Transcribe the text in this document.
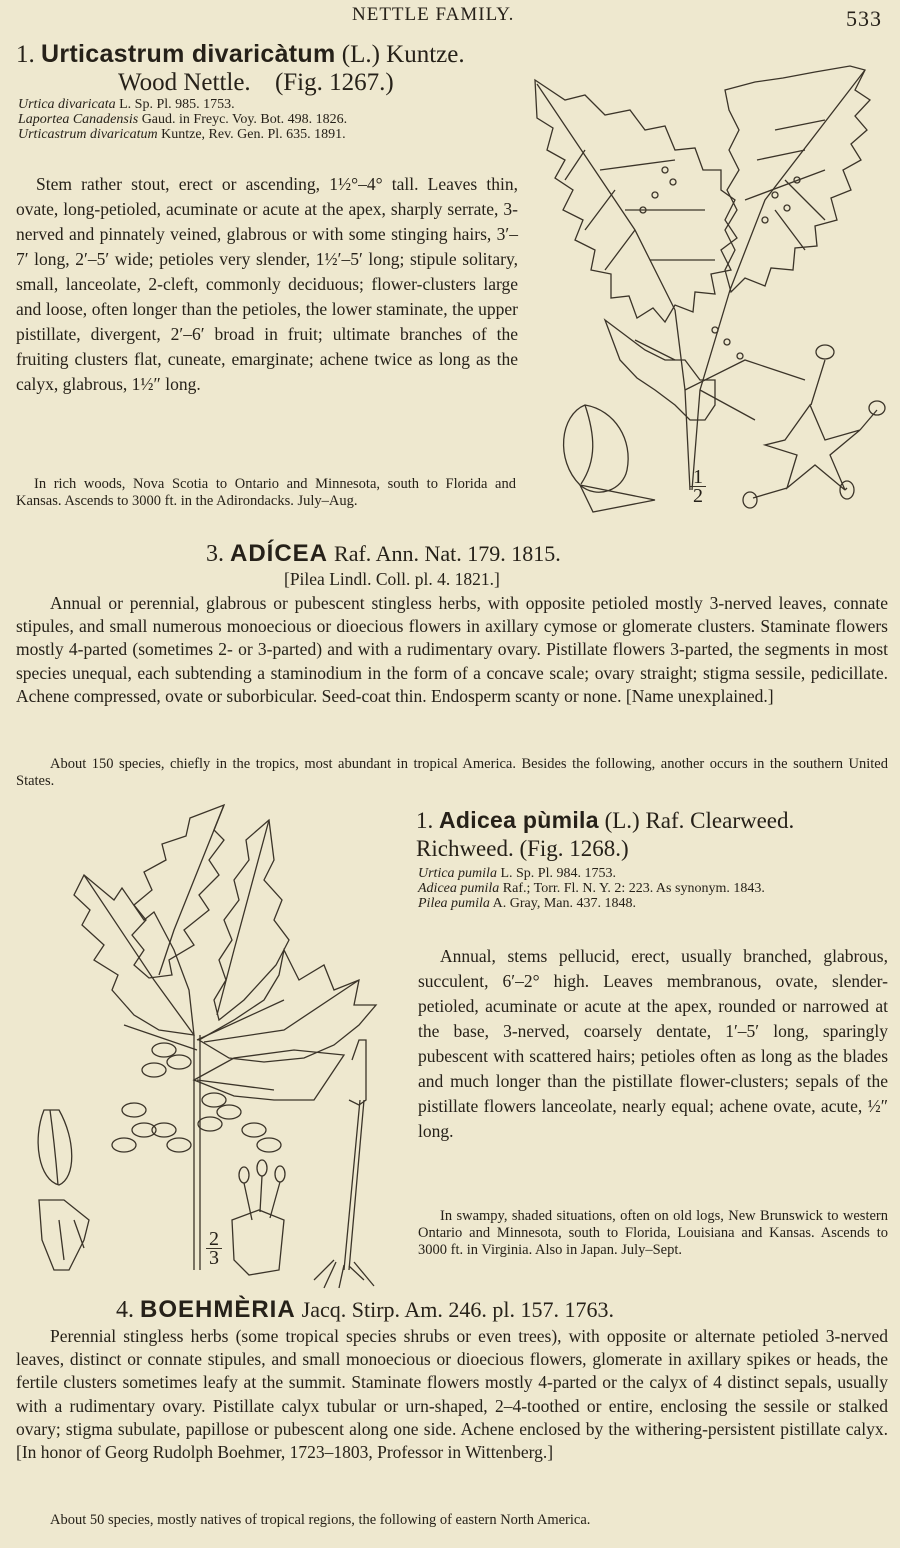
NETTLE FAMILY.	533
1. Urticastrum divaricàtum (L.) Kuntze.
Wood Nettle. (Fig. 1267.)
Urtica divaricata L. Sp. Pl. 985. 1753.
Laportea Canadensis Gaud. in Freyc. Voy. Bot. 498. 1826.
Urticastrum divaricatum Kuntze, Rev. Gen. Pl. 635. 1891.
Stem rather stout, erect or ascending, 1½°–4° tall. Leaves thin, ovate, long-petioled, acuminate or acute at the apex, sharply serrate, 3-nerved and pinnately veined, glabrous or with some stinging hairs, 3′–7′ long, 2′–5′ wide; petioles very slender, 1½′–5′ long; stipule solitary, small, lanceolate, 2-cleft, commonly deciduous; flower-clusters large and loose, often longer than the petioles, the lower staminate, the upper pistillate, divergent, 2′–6′ broad in fruit; ultimate branches of the fruiting clusters flat, cuneate, emarginate; achene twice as long as the calyx, glabrous, 1½″ long.
In rich woods, Nova Scotia to Ontario and Minnesota, south to Florida and Kansas. Ascends to 3000 ft. in the Adirondacks. July–Aug.
1
2
3. ADÍCEA Raf. Ann. Nat. 179. 1815.
[Pilea Lindl. Coll. pl. 4. 1821.]
Annual or perennial, glabrous or pubescent stingless herbs, with opposite petioled mostly 3-nerved leaves, connate stipules, and small numerous monoecious or dioecious flowers in axillary cymose or glomerate clusters. Staminate flowers mostly 4-parted (sometimes 2- or 3-parted) and with a rudimentary ovary. Pistillate flowers 3-parted, the segments in most species unequal, each subtending a staminodium in the form of a concave scale; ovary straight; stigma sessile, pedicillate. Achene compressed, ovate or suborbicular. Seed-coat thin. Endosperm scanty or none. [Name unexplained.]
About 150 species, chiefly in the tropics, most abundant in tropical America. Besides the following, another occurs in the southern United States.
2
3
1. Adicea pùmila (L.) Raf. Clearweed. Richweed. (Fig. 1268.)
Urtica pumila L. Sp. Pl. 984. 1753.
Adicea pumila Raf.; Torr. Fl. N. Y. 2: 223. As synonym. 1843.
Pilea pumila A. Gray, Man. 437. 1848.
Annual, stems pellucid, erect, usually branched, glabrous, succulent, 6′–2° high. Leaves membranous, ovate, slender-petioled, acuminate or acute at the apex, rounded or narrowed at the base, 3-nerved, coarsely dentate, 1′–5′ long, sparingly pubescent with scattered hairs; petioles often as long as the blades and much longer than the pistillate flower-clusters; sepals of the pistillate flowers lanceolate, nearly equal; achene ovate, acute, ½″ long.
In swampy, shaded situations, often on old logs, New Brunswick to western Ontario and Minnesota, south to Florida, Louisiana and Kansas. Ascends to 3000 ft. in Virginia. Also in Japan. July–Sept.
4. BOEHMÈRIA Jacq. Stirp. Am. 246. pl. 157. 1763.
Perennial stingless herbs (some tropical species shrubs or even trees), with opposite or alternate petioled 3-nerved leaves, distinct or connate stipules, and small monoecious or dioecious flowers, glomerate in axillary spikes or heads, the fertile clusters sometimes leafy at the summit. Staminate flowers mostly 4-parted or the calyx of 4 distinct sepals, usually with a rudimentary ovary. Pistillate calyx tubular or urn-shaped, 2–4-toothed or entire, enclosing the sessile or stalked ovary; stigma subulate, papillose or pubescent along one side. Achene enclosed by the withering-persistent pistillate calyx. [In honor of Georg Rudolph Boehmer, 1723–1803, Professor in Wittenberg.]
About 50 species, mostly natives of tropical regions, the following of eastern North America.
